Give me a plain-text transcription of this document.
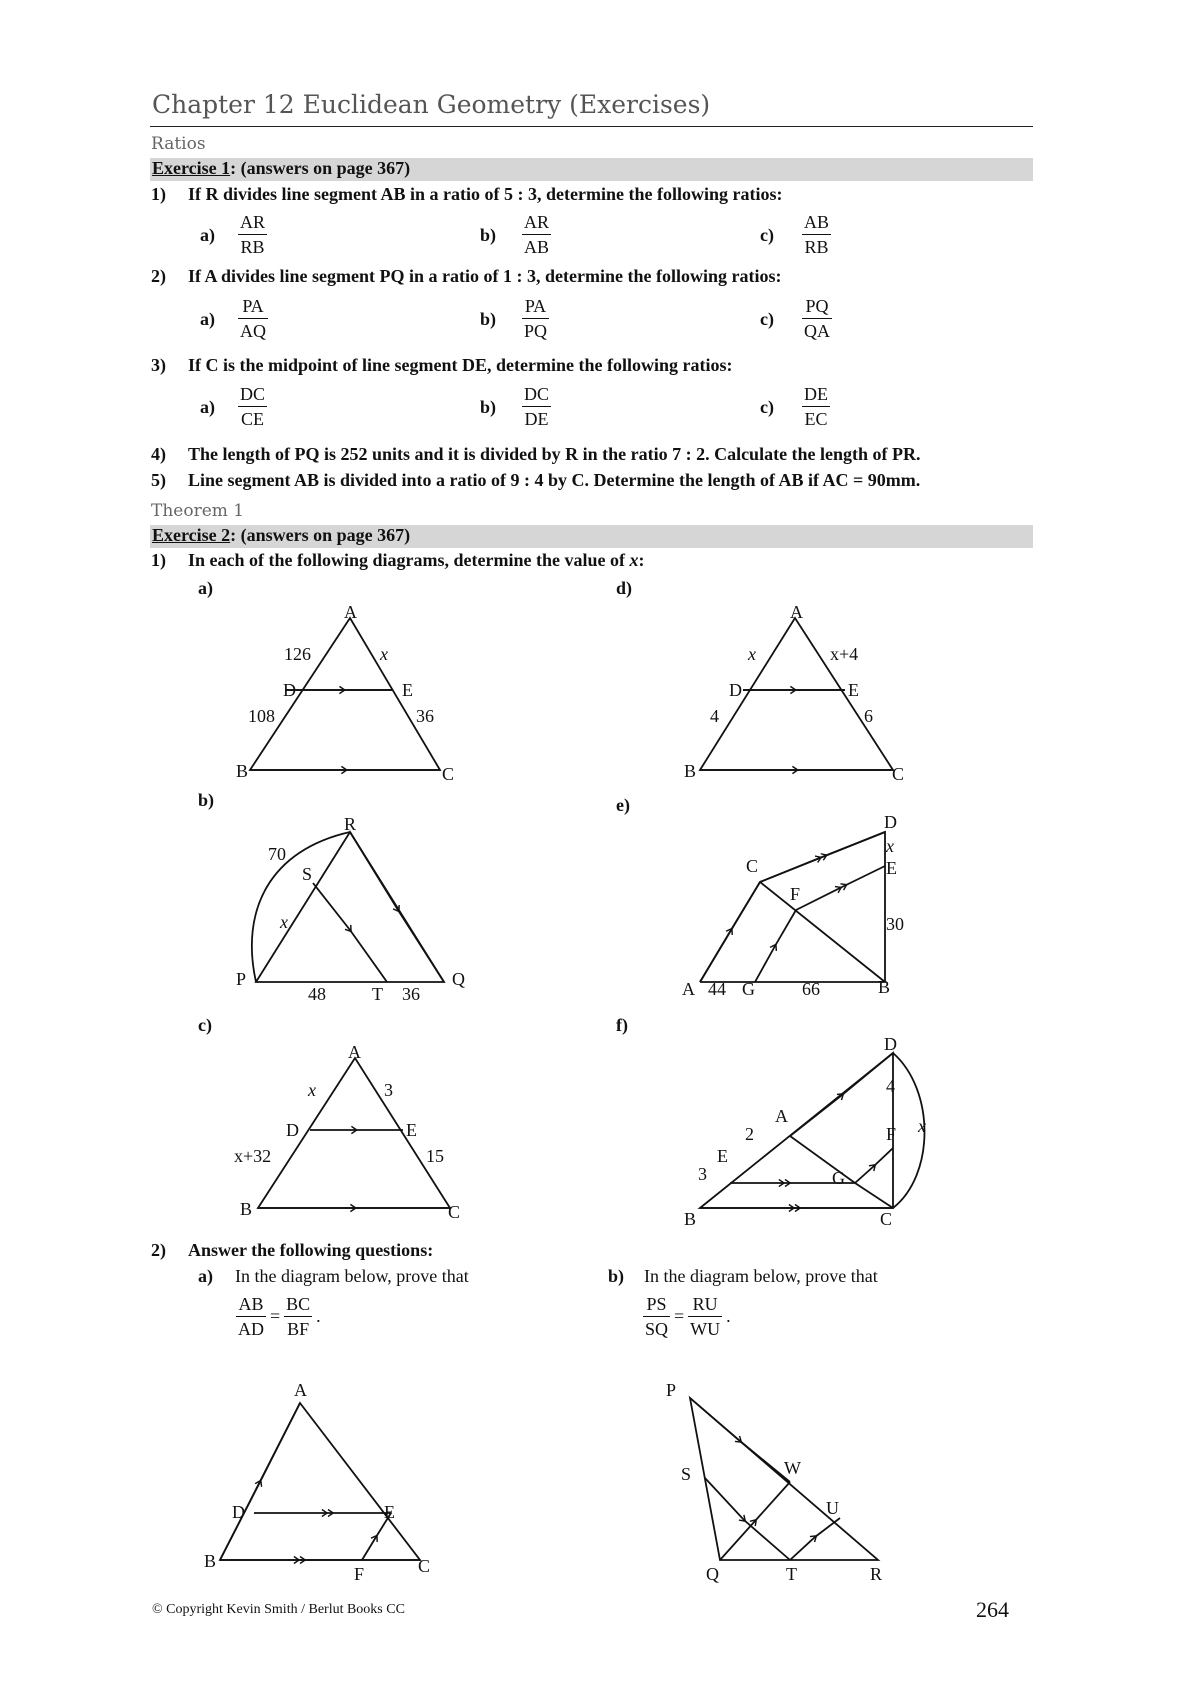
Chapter 12 Euclidean Geometry (Exercises)
Ratios
Exercise 1: (answers on page 367)
1) If R divides line segment AB in a ratio of 5 : 3, determine the following ratios:
$a) \frac{AR}{RB}$	$b) \frac{AR}{AB}$	$c) \frac{AB}{RB}$
2) If A divides line segment PQ in a ratio of 1 : 3, determine the following ratios:
$a) \frac{PA}{AQ}$	$b) \frac{PA}{PQ}$	$c) \frac{PQ}{QA}$
3) If C is the midpoint of line segment DE, determine the following ratios:
$a) \frac{DC}{CE}$	$b) \frac{DC}{DE}$	$c) \frac{DE}{EC}$
4) The length of PQ is 252 units and it is divided by R in the ratio 7 : 2. Calculate the length of PR.
5) Line segment AB is divided into a ratio of 9 : 4 by C. Determine the length of AB if AC = 90mm.
Theorem 1
Exercise 2: (answers on page 367)
1) In each of the following diagrams, determine the value of x:
a)	d)
b)	e)
c)	f)
A
B	C
D	E
126	x
108	36
A
B	C
D	E
x	x+4
4	6
R
S
P	Q
T
70
x
48	36
D
x
E
C
F
30
A 44 G	66	B
A
B	C
D	E
x	3
x+32	15
D
4
F x
A
2
E
3	G
B	C
A
B	C
D	E
F
P
S	W
U
Q	T	R
2) Answer the following questions:
a) In the diagram below, prove that
$\frac{AB}{AD} = \frac{BC}{BF}$ .
b) In the diagram below, prove that
$\frac{PS}{SQ} = \frac{RU}{WU}$ .
© Copyright Kevin Smith / Berlut Books CC	264
